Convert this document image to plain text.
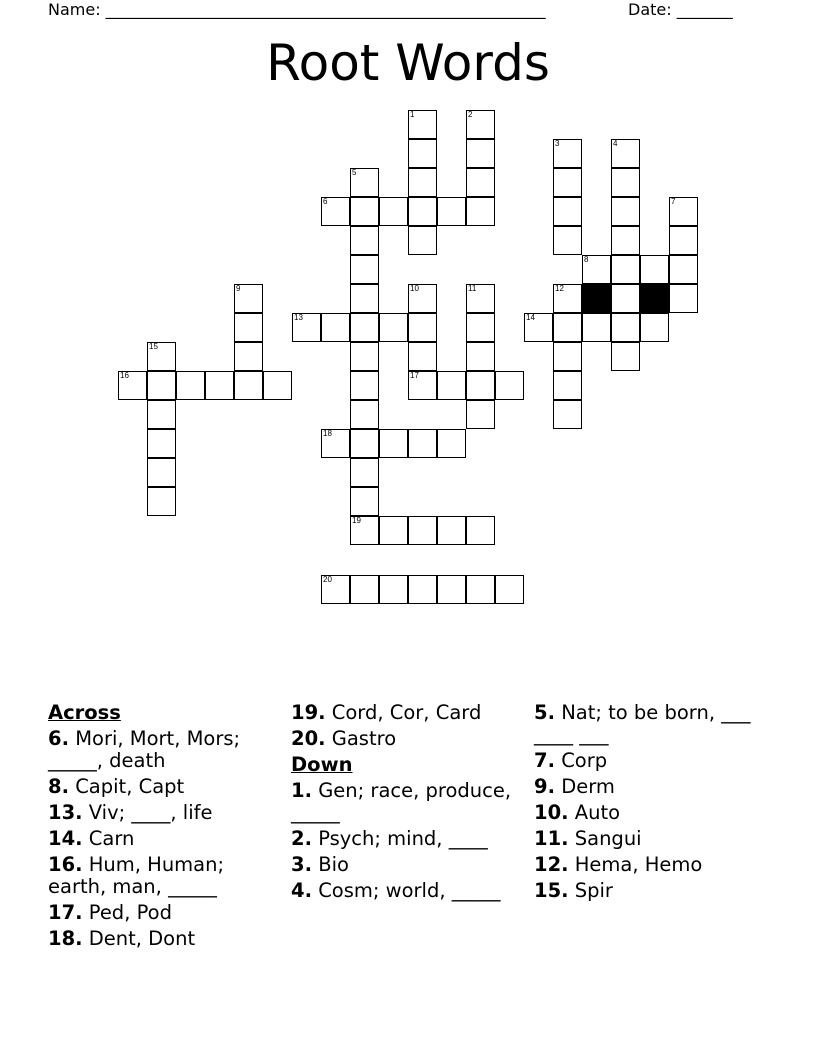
Name: _______________________________________________________	Date: _______
Root Words
1	2
3	4
5
6	7
8
9	10	11	12
13	14
15
16	17
18
19
20
Across
6. Mori, Mort, Mors; _____, death
8. Capit, Capt
13. Viv; ____, life
14. Carn
16. Hum, Human; earth, man, _____
17. Ped, Pod
18. Dent, Dont
19. Cord, Cor, Card
20. Gastro
Down
1. Gen; race, produce, _____
2. Psych; mind, ____
3. Bio
4. Cosm; world, _____
5. Nat; to be born, ___ ____ ___
7. Corp
9. Derm
10. Auto
11. Sangui
12. Hema, Hemo
15. Spir
